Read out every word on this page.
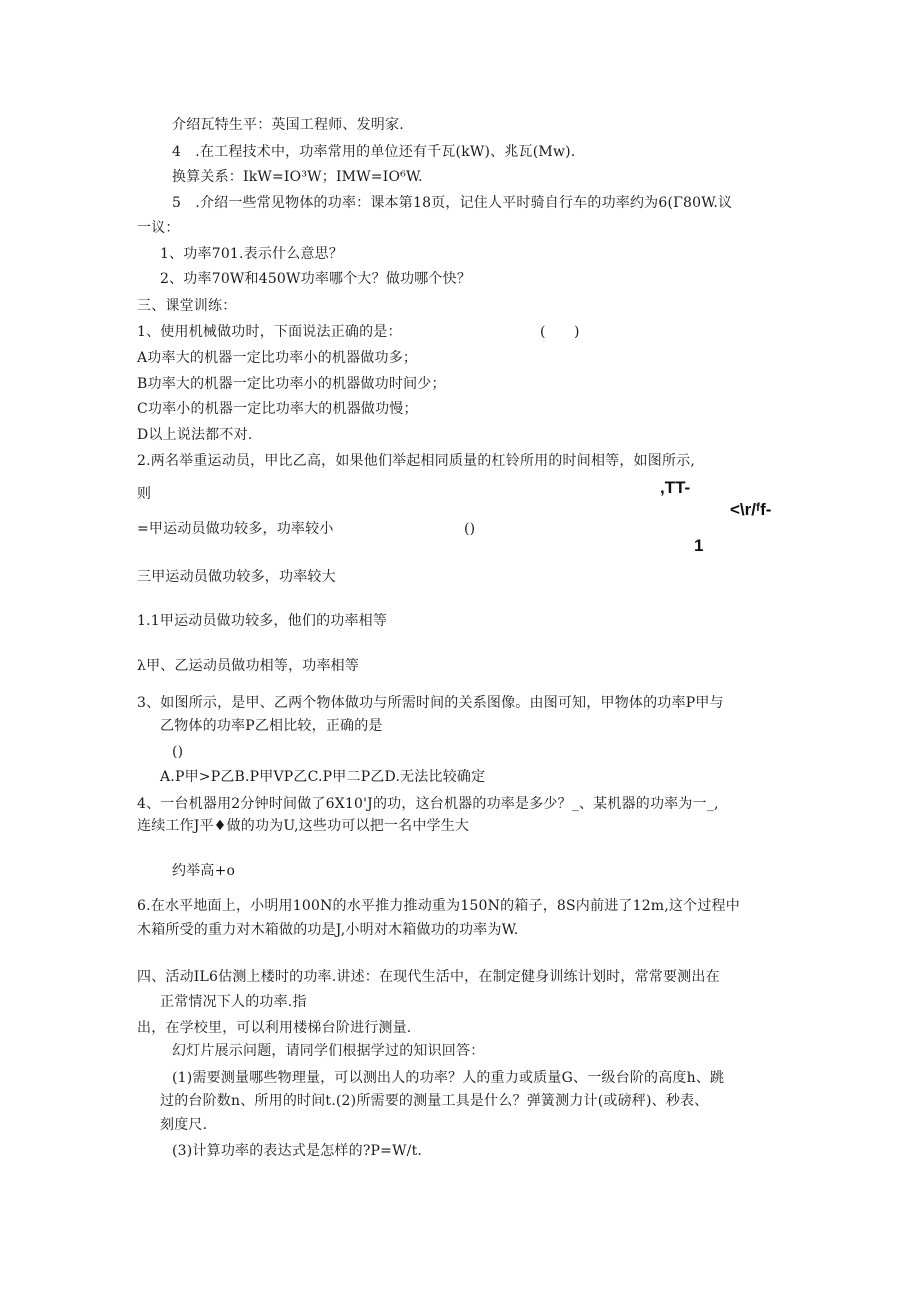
介绍瓦特生平：英国工程师、发明家.
4　.在工程技术中，功率常用的单位还有千瓦(kW)、兆瓦(Mw).
换算关系：IkW=IO³W；IMW=IO⁶W.
5　.介绍一些常见物体的功率：课本第18页，记住人平时骑自行车的功率约为6(Γ80W.议
一议：
1、功率701.表示什么意思？
2、功率70W和450W功率哪个大？做功哪个快？
三、课堂训练：
1、使用机械做功时，下面说法正确的是：	(　　)
A功率大的机器一定比功率小的机器做功多；
B功率大的机器一定比功率小的机器做功时间少；
C功率小的机器一定比功率大的机器做功慢；
D以上说法都不对.
2.两名举重运动员，甲比乙高，如果他们举起相同质量的杠铃所用的时间相等，如图所示,
则	,TT-
<\r/ᶠf-
1
=甲运动员做功较多，功率较小	()
三甲运动员做功较多，功率较大
1.1甲运动员做功较多，他们的功率相等
λ甲、乙运动员做功相等，功率相等
3、如图所示，是甲、乙两个物体做功与所需时间的关系图像。由图可知，甲物体的功率P甲与
乙物体的功率P乙相比较，正确的是
()
A.P甲>P乙B.P甲VP乙C.P甲二P乙D.无法比较确定
4、一台机器用2分钟时间做了6X10'J的功，这台机器的功率是多少？_、某机器的功率为一_,
连续工作J平♦做的功为U,这些功可以把一名中学生大
约举高+o
6.在水平地面上，小明用100N的水平推力推动重为150N的箱子，8S内前进了12m,这个过程中
木箱所受的重力对木箱做的功是J,小明对木箱做功的功率为W.
四、活动IL6估测上楼时的功率.讲述：在现代生活中，在制定健身训练计划时，常常要测出在
正常情况下人的功率.指
出，在学校里，可以利用楼梯台阶进行测量.
幻灯片展示问题，请同学们根据学过的知识回答：
(1)需要测量哪些物理量，可以测出人的功率？人的重力或质量G、一级台阶的高度h、跳
过的台阶数n、所用的时间t.(2)所需要的测量工具是什么？弹簧测力计(或磅秤)、秒表、
刻度尺.
(3)计算功率的表达式是怎样的?P=W/t.
